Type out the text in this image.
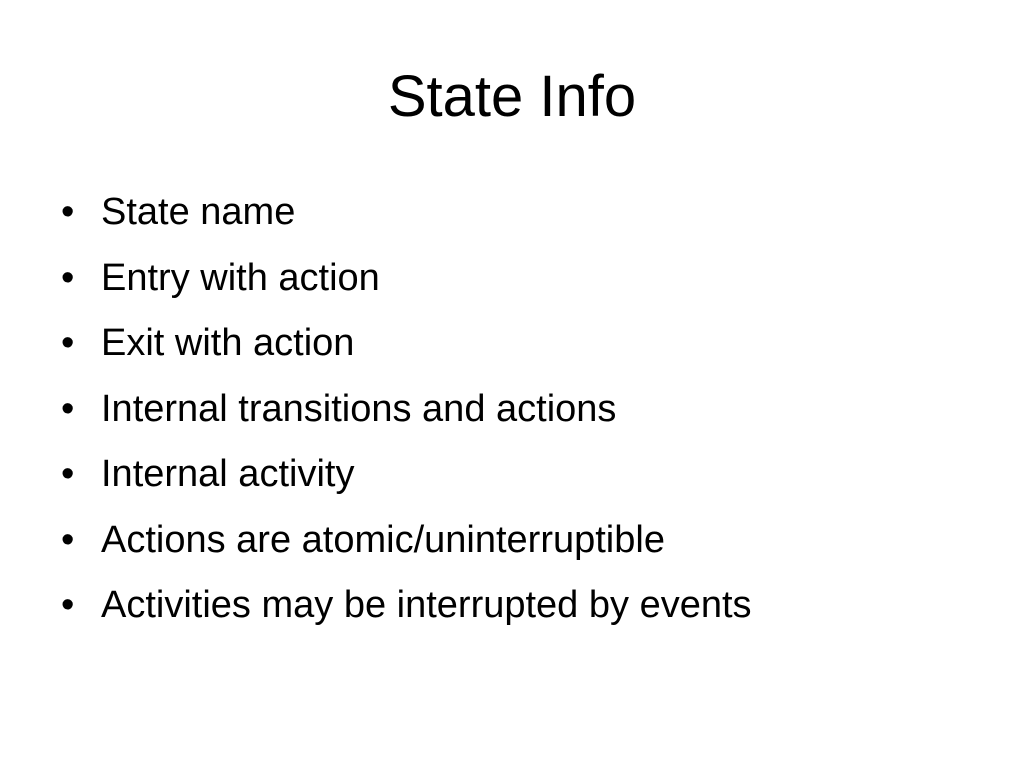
State Info
• State name
• Entry with action
• Exit with action
• Internal transitions and actions
• Internal activity
• Actions are atomic/uninterruptible
• Activities may be interrupted by events
